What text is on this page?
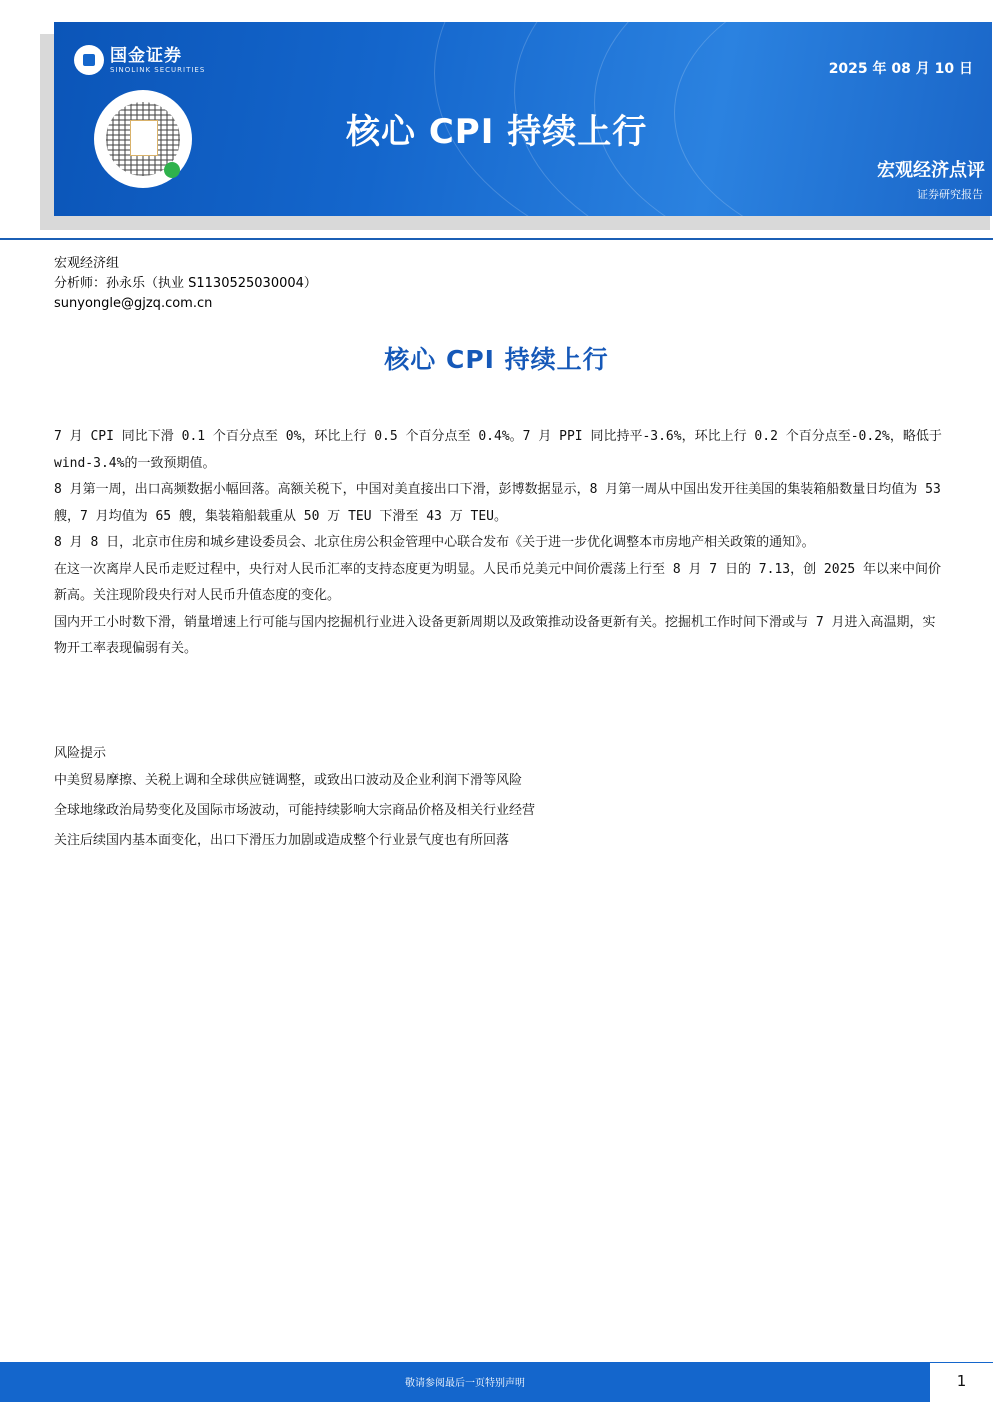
国金证券
SINOLINK SECURITIES
核心 CPI 持续上行
2025 年 08 月 10 日
宏观经济点评
证券研究报告
宏观经济组
分析师：孙永乐（执业 S1130525030004）
sunyongle@gjzq.com.cn
核心 CPI 持续上行

7 月 CPI 同比下滑 0.1 个百分点至 0%，环比上行 0.5 个百分点至 0.4%。7 月 PPI 同比持平-3.6%，环比上行 0.2 个百分点至-0.2%，略低于 wind-3.4%的一致预期值。

8 月第一周，出口高频数据小幅回落。高额关税下，中国对美直接出口下滑，彭博数据显示，8 月第一周从中国出发开往美国的集装箱船数量日均值为 53 艘，7 月均值为 65 艘，集装箱船载重从 50 万 TEU 下滑至 43 万 TEU。

8 月 8 日，北京市住房和城乡建设委员会、北京住房公积金管理中心联合发布《关于进一步优化调整本市房地产相关政策的通知》。

在这一次离岸人民币走贬过程中，央行对人民币汇率的支持态度更为明显。人民币兑美元中间价震荡上行至 8 月 7 日的 7.13，创 2025 年以来中间价新高。关注现阶段央行对人民币升值态度的变化。

国内开工小时数下滑，销量增速上行可能与国内挖掘机行业进入设备更新周期以及政策推动设备更新有关。挖掘机工作时间下滑或与 7 月进入高温期，实物开工率表现偏弱有关。

风险提示
中美贸易摩擦、关税上调和全球供应链调整，或致出口波动及企业利润下滑等风险
全球地缘政治局势变化及国际市场波动，可能持续影响大宗商品价格及相关行业经营
关注后续国内基本面变化，出口下滑压力加剧或造成整个行业景气度也有所回落
敬请参阅最后一页特别声明	1
